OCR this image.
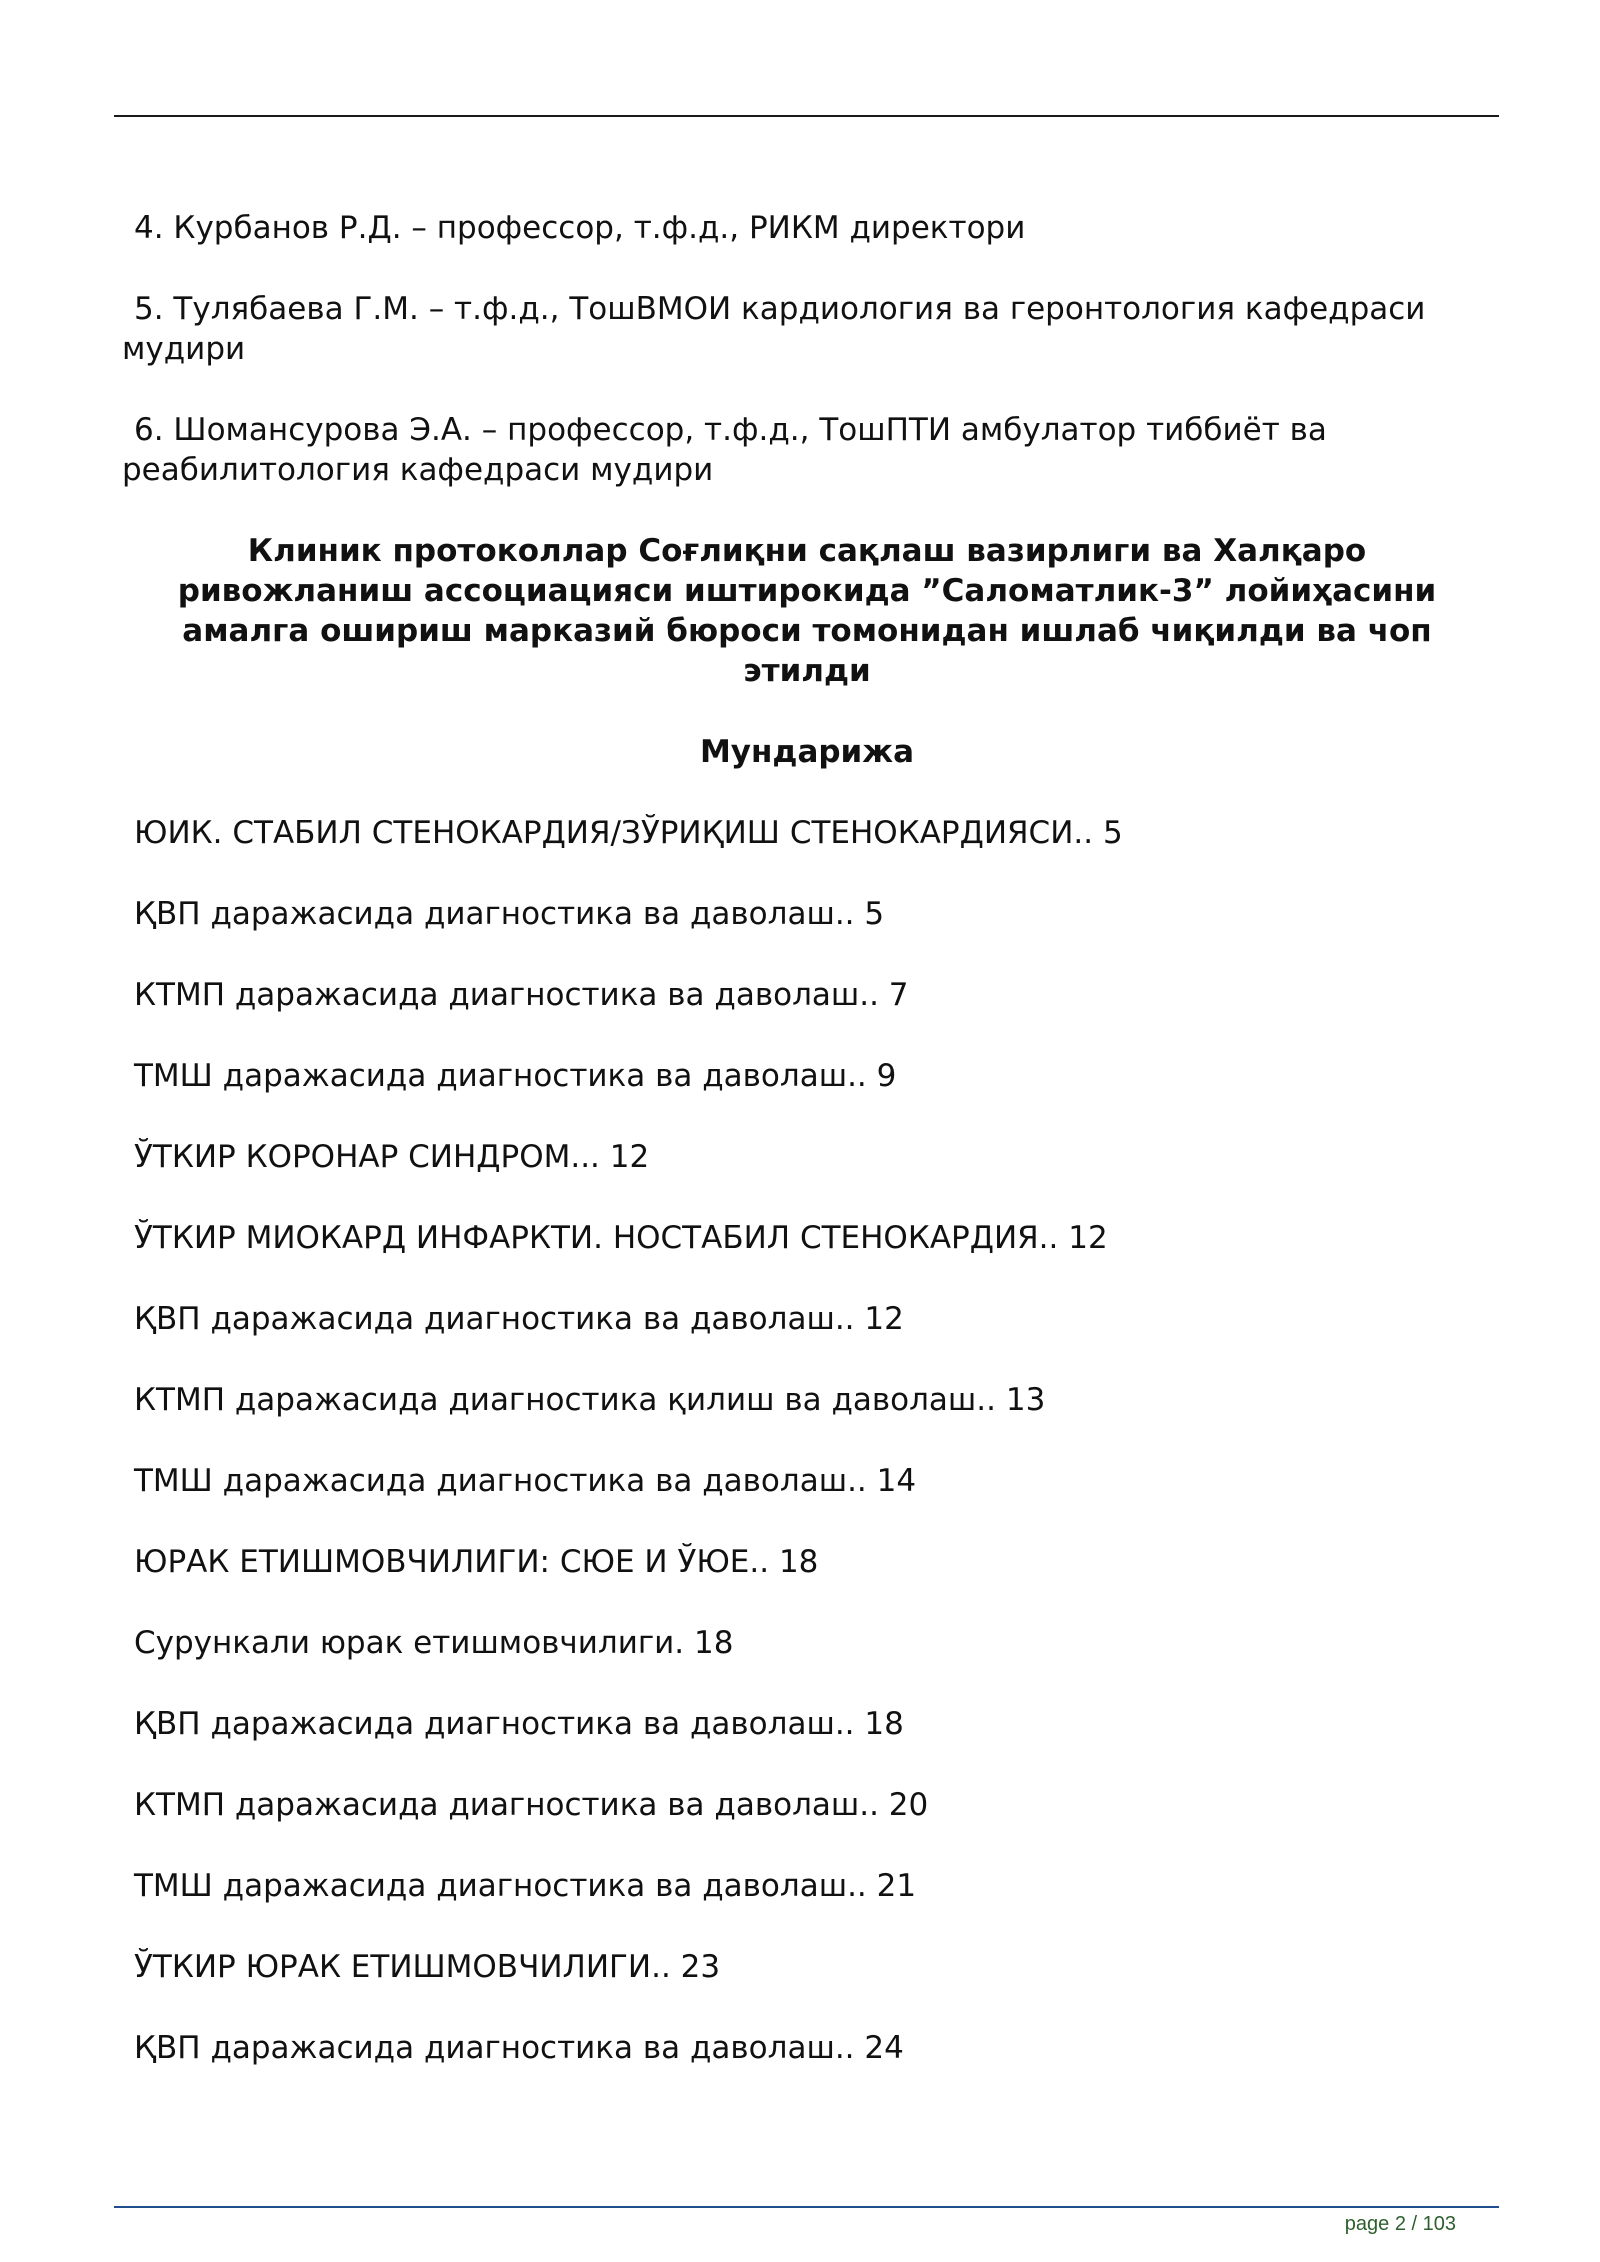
4. Курбанов Р.Д. – профессор, т.ф.д., РИКМ директори

5. Тулябаева Г.М. – т.ф.д., ТошВМОИ кардиология ва геронтология кафедраси мудири

6. Шомансурова Э.А. – профессор, т.ф.д., ТошПТИ амбулатор тиббиёт ва реабилитология кафедраси мудири

Клиник протоколлар Соғлиқни сақлаш вазирлиги ва Халқаро ривожланиш ассоциацияси иштирокида ”Саломатлик-3” лойиҳасини амалга ошириш марказий бюроси томонидан ишлаб чиқилди ва чоп этилди
Мундарижа
ЮИК. СТАБИЛ СТЕНОКАРДИЯ/ЗЎРИҚИШ СТЕНОКАРДИЯСИ.. 5
ҚВП даражасида диагностика ва даволаш.. 5
КТМП даражасида диагностика ва даволаш.. 7
ТМШ даражасида диагностика ва даволаш.. 9
ЎТКИР КОРОНАР СИНДРОМ... 12
ЎТКИР МИОКАРД ИНФАРКТИ. НОСТАБИЛ СТЕНОКАРДИЯ.. 12
ҚВП даражасида диагностика ва даволаш.. 12
КТМП даражасида диагностика қилиш ва даволаш.. 13
ТМШ даражасида диагностика ва даволаш.. 14
ЮРАК ЕТИШМОВЧИЛИГИ: СЮЕ И ЎЮЕ.. 18
Сурункали юрак етишмовчилиги. 18
ҚВП даражасида диагностика ва даволаш.. 18
КТМП даражасида диагностика ва даволаш.. 20
ТМШ даражасида диагностика ва даволаш.. 21
ЎТКИР ЮРАК ЕТИШМОВЧИЛИГИ.. 23
ҚВП даражасида диагностика ва даволаш.. 24
page 2 / 103
